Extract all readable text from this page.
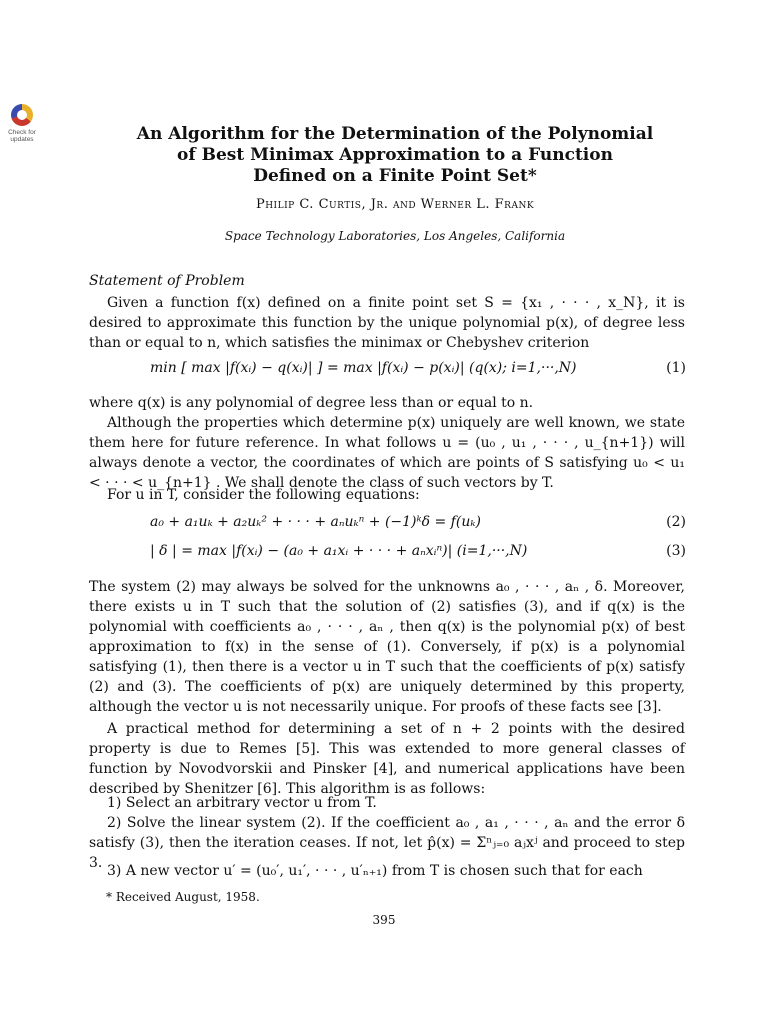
Check for updates	An Algorithm for the Determination of the Polynomial
of Best Minimax Approximation to a Function
Defined on a Finite Point Set*
Philip C. Curtis, Jr. and Werner L. Frank
Space Technology Laboratories, Los Angeles, California
Statement of Problem

Given a function f(x) defined on a finite point set S = {x₁ , · · · , x_N}, it is desired to approximate this function by the unique polynomial p(x), of degree less than or equal to n, which satisfies the minimax or Chebyshev criterion

min [ max |f(xᵢ) − q(xᵢ)| ] = max |f(xᵢ) − p(xᵢ)| (q(x); i=1,···,N)	(1)

where q(x) is any polynomial of degree less than or equal to n.

Although the properties which determine p(x) uniquely are well known, we state them here for future reference. In what follows u = (u₀ , u₁ , · · · , u_{n+1}) will always denote a vector, the coordinates of which are points of S satisfying u₀ < u₁ < · · · < u_{n+1} . We shall denote the class of such vectors by T.

For u in T, consider the following equations:

a₀ + a₁uₖ + a₂uₖ² + · · · + aₙuₖⁿ + (−1)ᵏδ = f(uₖ)	(2)
| δ | = max |f(xᵢ) − (a₀ + a₁xᵢ + · · · + aₙxᵢⁿ)| (i=1,···,N)	(3)

The system (2) may always be solved for the unknowns a₀ , · · · , aₙ , δ. Moreover, there exists u in T such that the solution of (2) satisfies (3), and if q(x) is the polynomial with coefficients a₀ , · · · , aₙ , then q(x) is the polynomial p(x) of best approximation to f(x) in the sense of (1). Conversely, if p(x) is a polynomial satisfying (1), then there is a vector u in T such that the coefficients of p(x) satisfy (2) and (3). The coefficients of p(x) are uniquely determined by this property, although the vector u is not necessarily unique. For proofs of these facts see [3].

A practical method for determining a set of n + 2 points with the desired property is due to Remes [5]. This was extended to more general classes of function by Novodvorskii and Pinsker [4], and numerical applications have been described by Shenitzer [6]. This algorithm is as follows:

1) Select an arbitrary vector u from T.

2) Solve the linear system (2). If the coefficient a₀ , a₁ , · · · , aₙ and the error δ satisfy (3), then the iteration ceases. If not, let p̂(x) = Σⁿⱼ₌₀ aⱼxʲ and proceed to step 3. 3) A new vector u′ = (u₀′, u₁′, · · · , u′ₙ₊₁) from T is chosen such that for each

* Received August, 1958.
395
